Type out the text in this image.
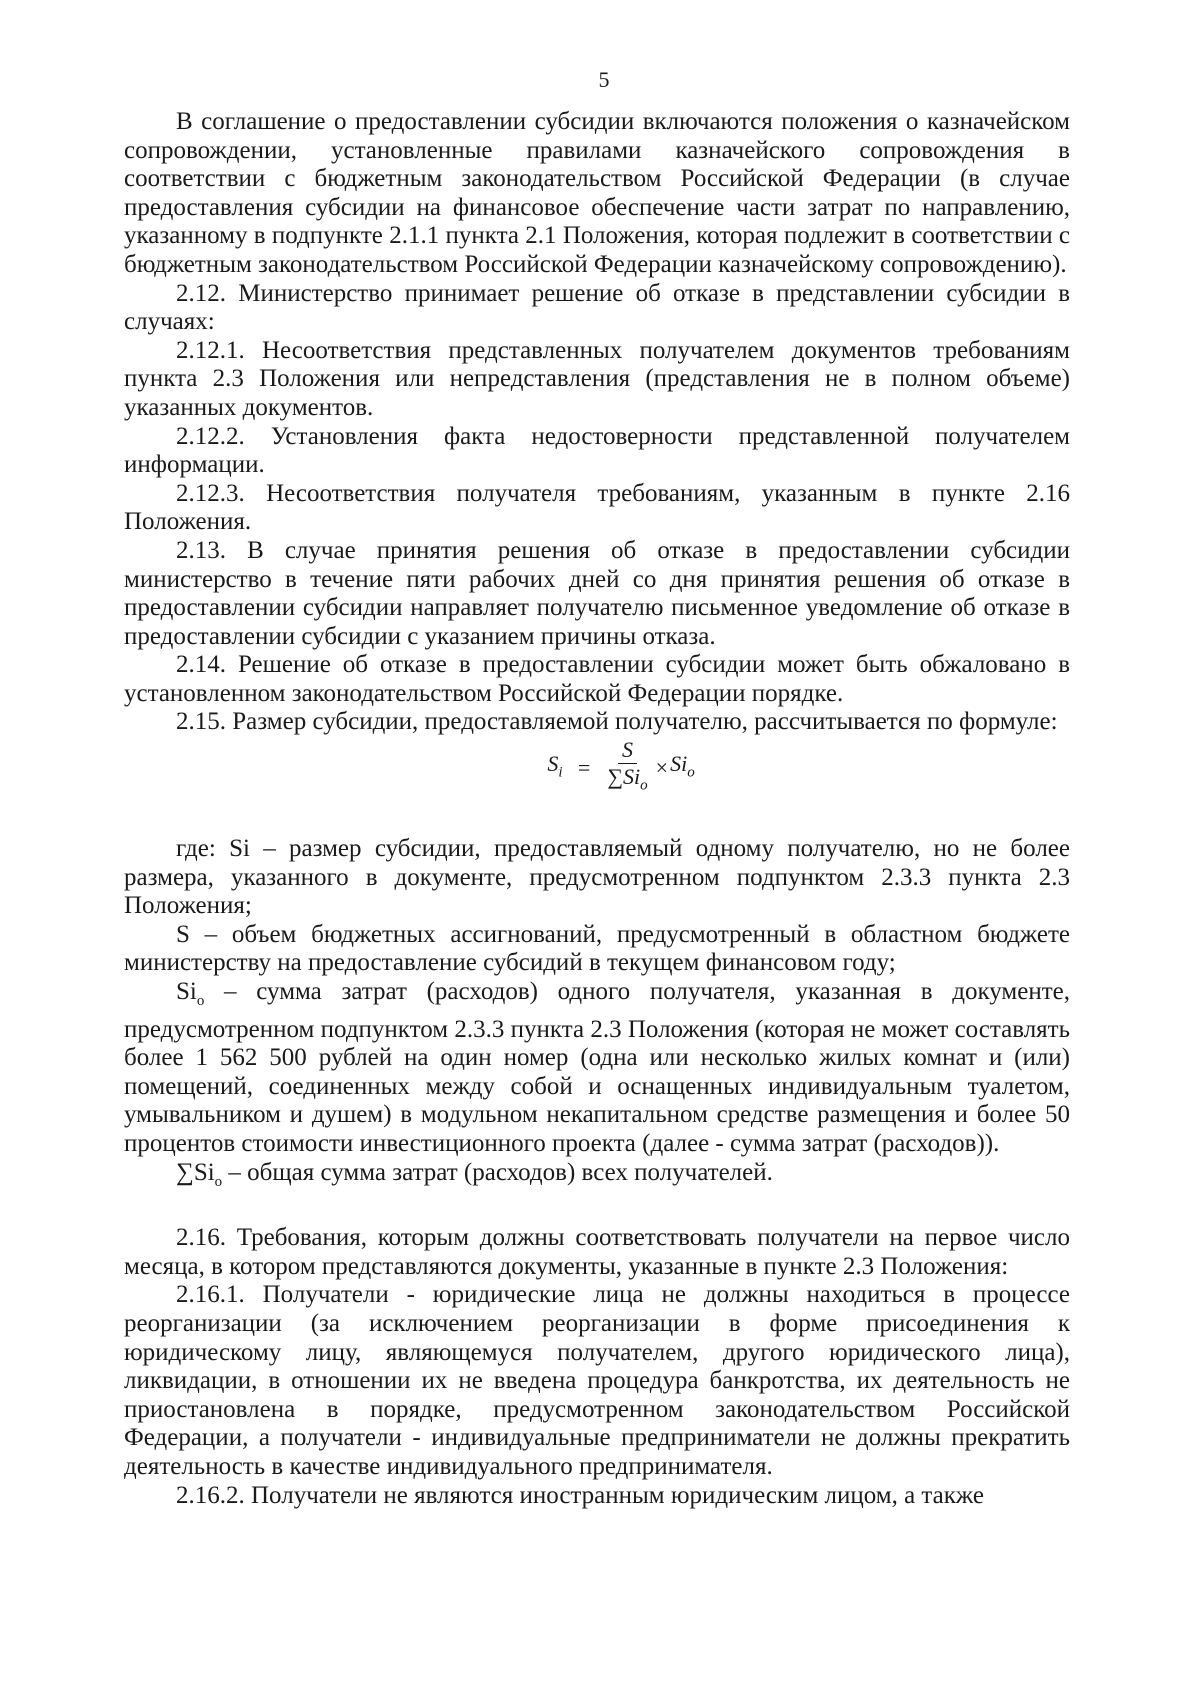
5

В соглашение о предоставлении субсидии включаются положения о казначейском сопровождении, установленные правилами казначейского сопровождения в соответствии с бюджетным законодательством Российской Федерации (в случае предоставления субсидии на финансовое обеспечение части затрат по направлению, указанному в подпункте 2.1.1 пункта 2.1 Положения, которая подлежит в соответствии с бюджетным законодательством Российской Федерации казначейскому сопровождению).

2.12. Министерство принимает решение об отказе в представлении субсидии в случаях:

2.12.1. Несоответствия представленных получателем документов требованиям пункта 2.3 Положения или непредставления (представления не в полном объеме) указанных документов.

2.12.2. Установления факта недостоверности представленной получателем информации.

2.12.3. Несоответствия получателя требованиям, указанным в пункте 2.16 Положения.

2.13. В случае принятия решения об отказе в предоставлении субсидии министерство в течение пяти рабочих дней со дня принятия решения об отказе в предоставлении субсидии направляет получателю письменное уведомление об отказе в предоставлении субсидии с указанием причины отказа.

2.14. Решение об отказе в предоставлении субсидии может быть обжаловано в установленном законодательством Российской Федерации порядке.

2.15. Размер субсидии, предоставляемой получателю, рассчитывается по формуле:

$S_i = \frac{S}{\sum Si_o} \times Si_o$

где: Si – размер субсидии, предоставляемый одному получателю, но не более размера, указанного в документе, предусмотренном подпунктом 2.3.3 пункта 2.3 Положения;

S – объем бюджетных ассигнований, предусмотренный в областном бюджете министерству на предоставление субсидий в текущем финансовом году;

$Si_o$ – сумма затрат (расходов) одного получателя, указанная в документе, предусмотренном подпунктом 2.3.3 пункта 2.3 Положения (которая не может составлять более 1 562 500 рублей на один номер (одна или несколько жилых комнат и (или) помещений, соединенных между собой и оснащенных индивидуальным туалетом, умывальником и душем) в модульном некапитальном средстве размещения и более 50 процентов стоимости инвестиционного проекта (далее - сумма затрат (расходов)).

$\sum Si_o$ – общая сумма затрат (расходов) всех получателей.

2.16. Требования, которым должны соответствовать получатели на первое число месяца, в котором представляются документы, указанные в пункте 2.3 Положения:

2.16.1. Получатели - юридические лица не должны находиться в процессе реорганизации (за исключением реорганизации в форме присоединения к юридическому лицу, являющемуся получателем, другого юридического лица), ликвидации, в отношении их не введена процедура банкротства, их деятельность не приостановлена в порядке, предусмотренном законодательством Российской Федерации, а получатели - индивидуальные предприниматели не должны прекратить деятельность в качестве индивидуального предпринимателя.

2.16.2. Получатели не являются иностранным юридическим лицом, а также
